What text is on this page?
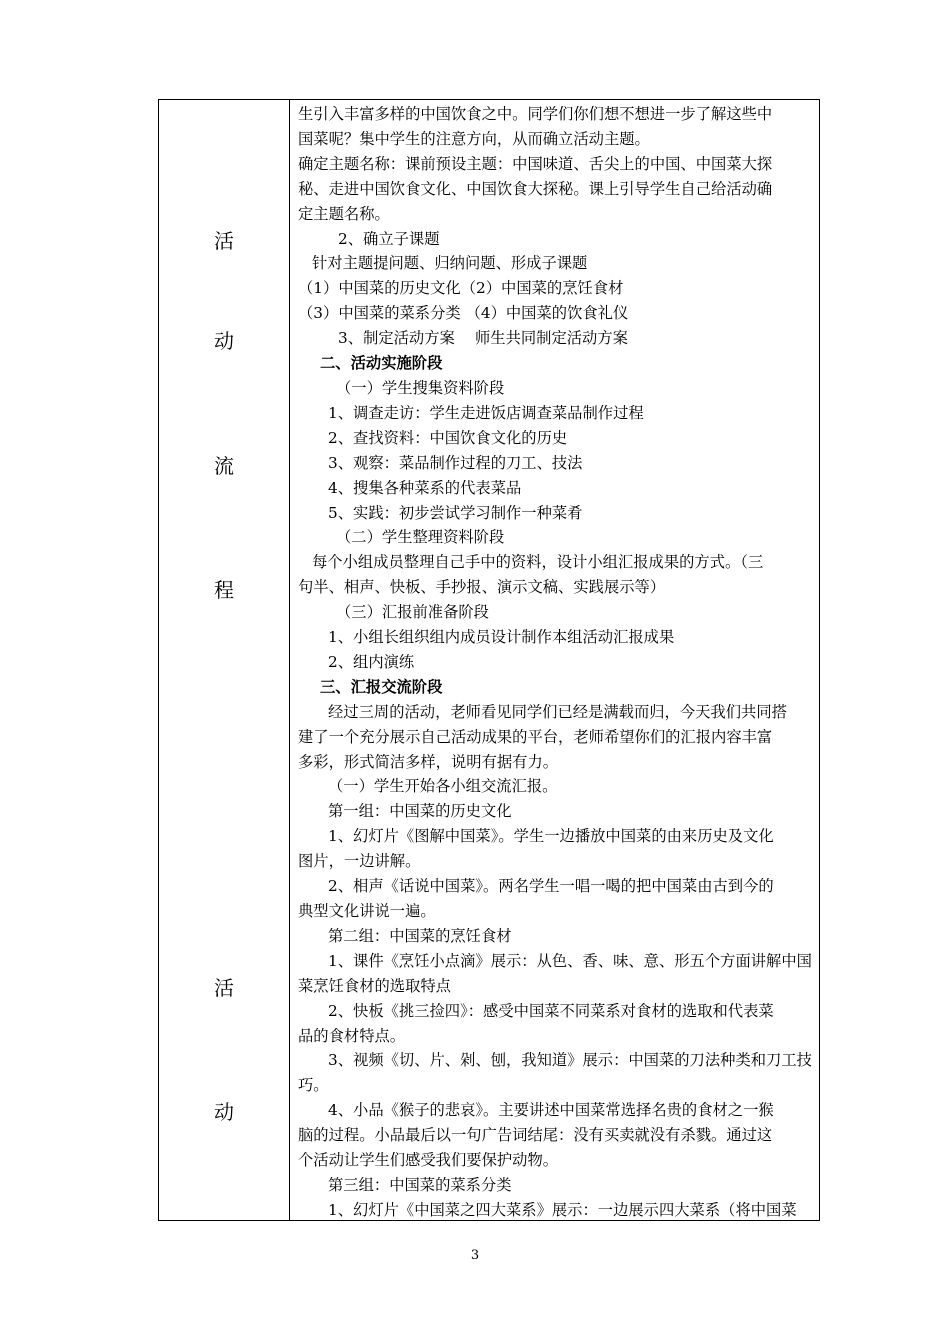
活
动
流
程
活
动

生引入丰富多样的中国饮食之中。同学们你们想不想进一步了解这些中

国菜呢？集中学生的注意方向，从而确立活动主题。

确定主题名称：课前预设主题：中国味道、舌尖上的中国、中国菜大探

秘、走进中国饮食文化、中国饮食大探秘。课上引导学生自己给活动确

定主题名称。

2、确立子课题

针对主题提问题、归纳问题、形成子课题

（1）中国菜的历史文化（2）中国菜的烹饪食材

（3）中国菜的菜系分类 （4）中国菜的饮食礼仪

3、制定活动方案 　师生共同制定活动方案

二、活动实施阶段

（一）学生搜集资料阶段

1、调查走访：学生走进饭店调查菜品制作过程

2、查找资料：中国饮食文化的历史

3、观察：菜品制作过程的刀工、技法

4、搜集各种菜系的代表菜品

5、实践：初步尝试学习制作一种菜肴

（二）学生整理资料阶段

每个小组成员整理自己手中的资料，设计小组汇报成果的方式。（三

句半、相声、快板、手抄报、演示文稿、实践展示等）

（三）汇报前准备阶段

1、小组长组织组内成员设计制作本组活动汇报成果

2、组内演练

三、汇报交流阶段

经过三周的活动，老师看见同学们已经是满载而归，今天我们共同搭

建了一个充分展示自己活动成果的平台，老师希望你们的汇报内容丰富

多彩，形式简洁多样，说明有据有力。

（一）学生开始各小组交流汇报。

第一组：中国菜的历史文化

1、幻灯片《图解中国菜》。学生一边播放中国菜的由来历史及文化

图片，一边讲解。

2、相声《话说中国菜》。两名学生一唱一喝的把中国菜由古到今的

典型文化讲说一遍。

第二组：中国菜的烹饪食材

1、课件《烹饪小点滴》展示：从色、香、味、意、形五个方面讲解中国

菜烹饪食材的选取特点

2、快板《挑三捡四》：感受中国菜不同菜系对食材的选取和代表菜

品的食材特点。

3、视频《切、片、剁、刨，我知道》展示：中国菜的刀法种类和刀工技

巧。

4、小品《猴子的悲哀》。主要讲述中国菜常选择名贵的食材之一猴

脑的过程。小品最后以一句广告词结尾：没有买卖就没有杀戮。通过这

个活动让学生们感受我们要保护动物。

第三组：中国菜的菜系分类

1、幻灯片《中国菜之四大菜系》展示：一边展示四大菜系（将中国菜

3
